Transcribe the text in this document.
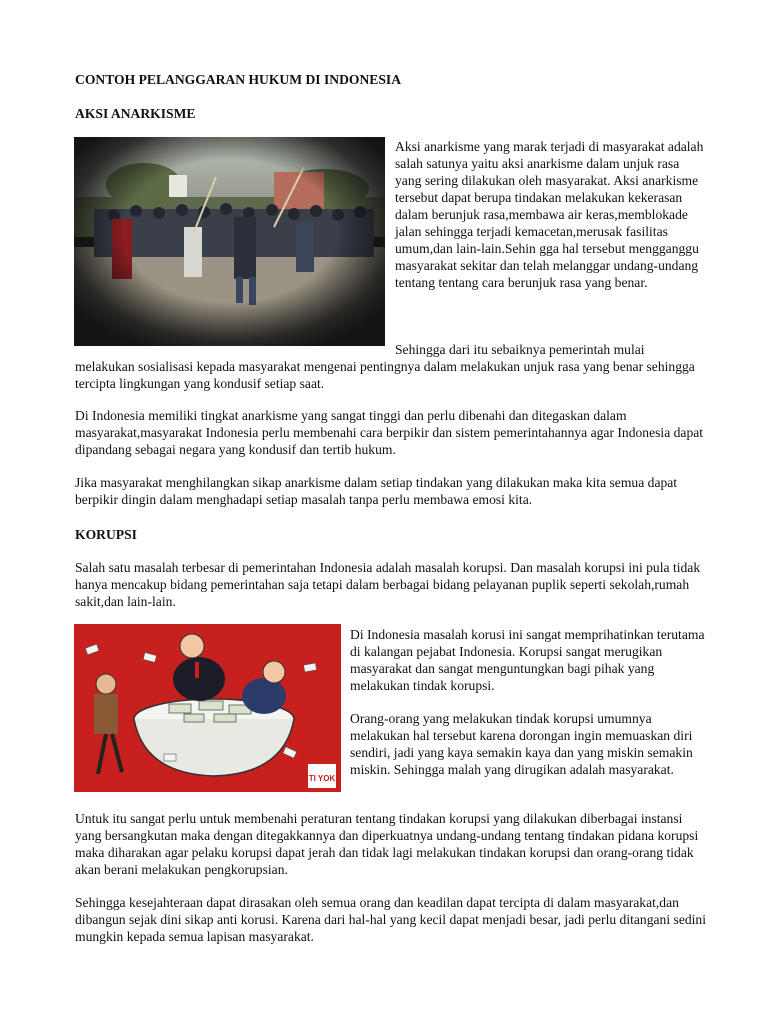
CONTOH PELANGGARAN HUKUM DI INDONESIA
AKSI ANARKISME

Aksi anarkisme yang marak terjadi di masyarakat adalah salah satunya yaitu aksi anarkisme dalam unjuk rasa yang sering dilakukan oleh masyarakat. Aksi anarkisme tersebut dapat berupa tindakan melakukan kekerasan dalam berunjuk rasa,membawa air keras,memblokade jalan sehingga terjadi kemacetan,merusak fasilitas umum,dan lain-lain.Sehin gga hal tersebut mengganggu masyarakat sekitar dan telah melanggar undang-undang tentang tentang cara berunjuk rasa yang benar.

Sehingga dari itu sebaiknya pemerintah mulai

melakukan sosialisasi kepada masyarakat mengenai pentingnya dalam melakukan unjuk rasa yang benar sehingga tercipta lingkungan yang kondusif setiap saat.

Di Indonesia memiliki tingkat anarkisme yang sangat tinggi dan perlu dibenahi dan ditegaskan dalam masyarakat,masyarakat Indonesia perlu membenahi cara berpikir dan sistem pemerintahannya agar Indonesia dapat dipandang sebagai negara yang kondusif dan tertib hukum.

Jika masyarakat menghilangkan sikap anarkisme dalam setiap tindakan yang dilakukan maka kita semua dapat berpikir dingin dalam menghadapi setiap masalah tanpa perlu membawa emosi kita.

KORUPSI

Salah satu masalah terbesar di pemerintahan Indonesia adalah masalah korupsi. Dan masalah korupsi ini pula tidak hanya mencakup bidang pemerintahan saja tetapi dalam berbagai bidang pelayanan puplik seperti sekolah,rumah sakit,dan lain-lain.

TI YOK

Di Indonesia masalah korusi ini sangat memprihatinkan terutama di kalangan pejabat Indonesia. Korupsi sangat merugikan masyarakat dan sangat menguntungkan bagi pihak yang melakukan tindak korupsi.

Orang-orang yang melakukan tindak korupsi umumnya melakukan hal tersebut karena dorongan ingin memuaskan diri sendiri, jadi yang kaya semakin kaya dan yang miskin semakin miskin. Sehingga malah yang dirugikan adalah masyarakat.

Untuk itu sangat perlu untuk membenahi peraturan tentang tindakan korupsi yang dilakukan diberbagai instansi yang bersangkutan maka dengan ditegakkannya dan diperkuatnya undang-undang tentang tindakan pidana korupsi maka diharakan agar pelaku korupsi dapat jerah dan tidak lagi melakukan tindakan korupsi dan orang-orang tidak akan berani melakukan pengkorupsian.

Sehingga kesejahteraan dapat dirasakan oleh semua orang dan keadilan dapat tercipta di dalam masyarakat,dan dibangun sejak dini sikap anti korusi. Karena dari hal-hal yang kecil dapat menjadi besar, jadi perlu ditangani sedini mungkin kepada semua lapisan masyarakat.
